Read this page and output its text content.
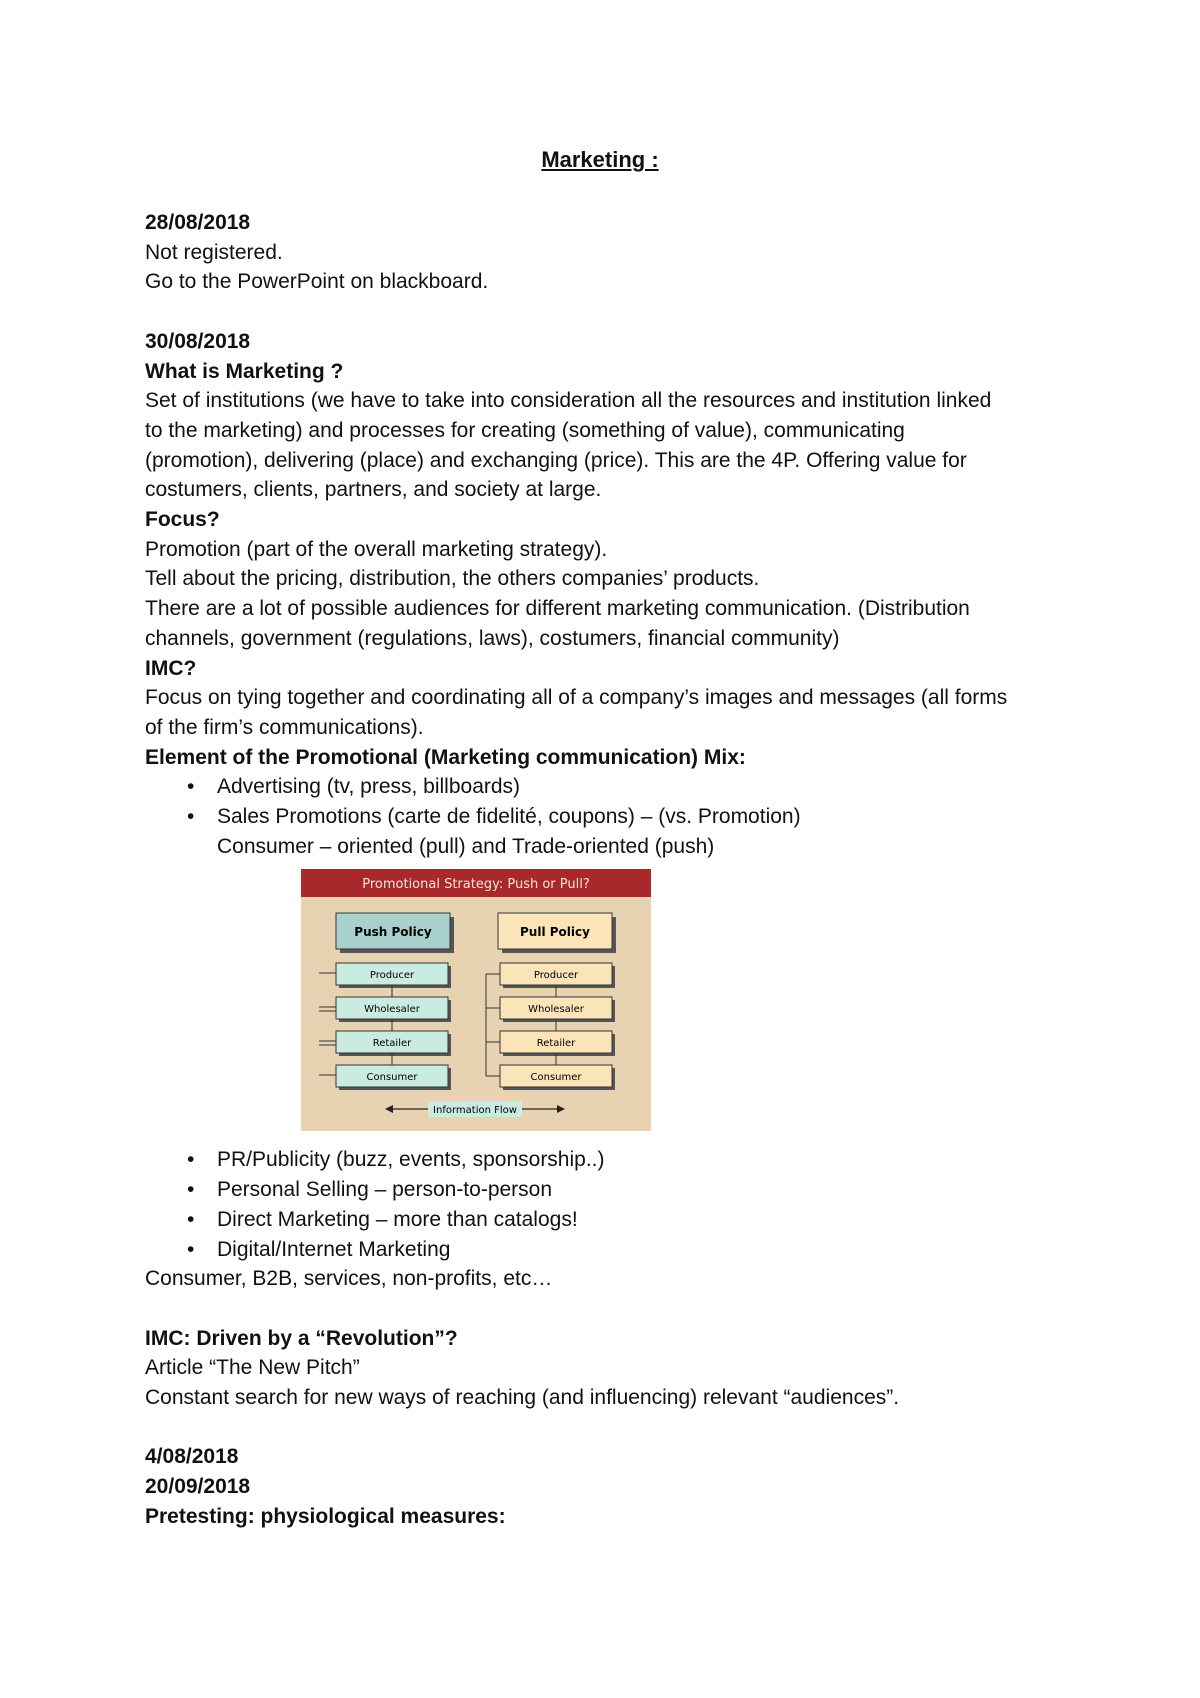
Marketing :
28/08/2018
Not registered.
Go to the PowerPoint on blackboard.
30/08/2018
What is Marketing ?
Set of institutions (we have to take into consideration all the resources and institution linked
to the marketing) and processes for creating (something of value), communicating
(promotion), delivering (place) and exchanging (price). This are the 4P. Offering value for
costumers, clients, partners, and society at large.
Focus?
Promotion (part of the overall marketing strategy).
Tell about the pricing, distribution, the others companies’ products.
There are a lot of possible audiences for different marketing communication. (Distribution
channels, government (regulations, laws), costumers, financial community)
IMC?
Focus on tying together and coordinating all of a company’s images and messages (all forms
of the firm’s communications).
Element of the Promotional (Marketing communication) Mix:
• Advertising (tv, press, billboards)
• Sales Promotions (carte de fidelité, coupons) – (vs. Promotion)
Consumer – oriented (pull) and Trade-oriented (push)
Promotional Strategy: Push or Pull?
Push Policy	Pull Policy
Producer
Wholesaler
Retailer
Consumer
Producer
Wholesaler
Retailer
Consumer
Information Flow
• PR/Publicity (buzz, events, sponsorship..)
• Personal Selling – person-to-person
• Direct Marketing – more than catalogs!
• Digital/Internet Marketing
Consumer, B2B, services, non-profits, etc…
IMC: Driven by a “Revolution”?
Article “The New Pitch”
Constant search for new ways of reaching (and influencing) relevant “audiences”.
4/08/2018
20/09/2018
Pretesting: physiological measures:
